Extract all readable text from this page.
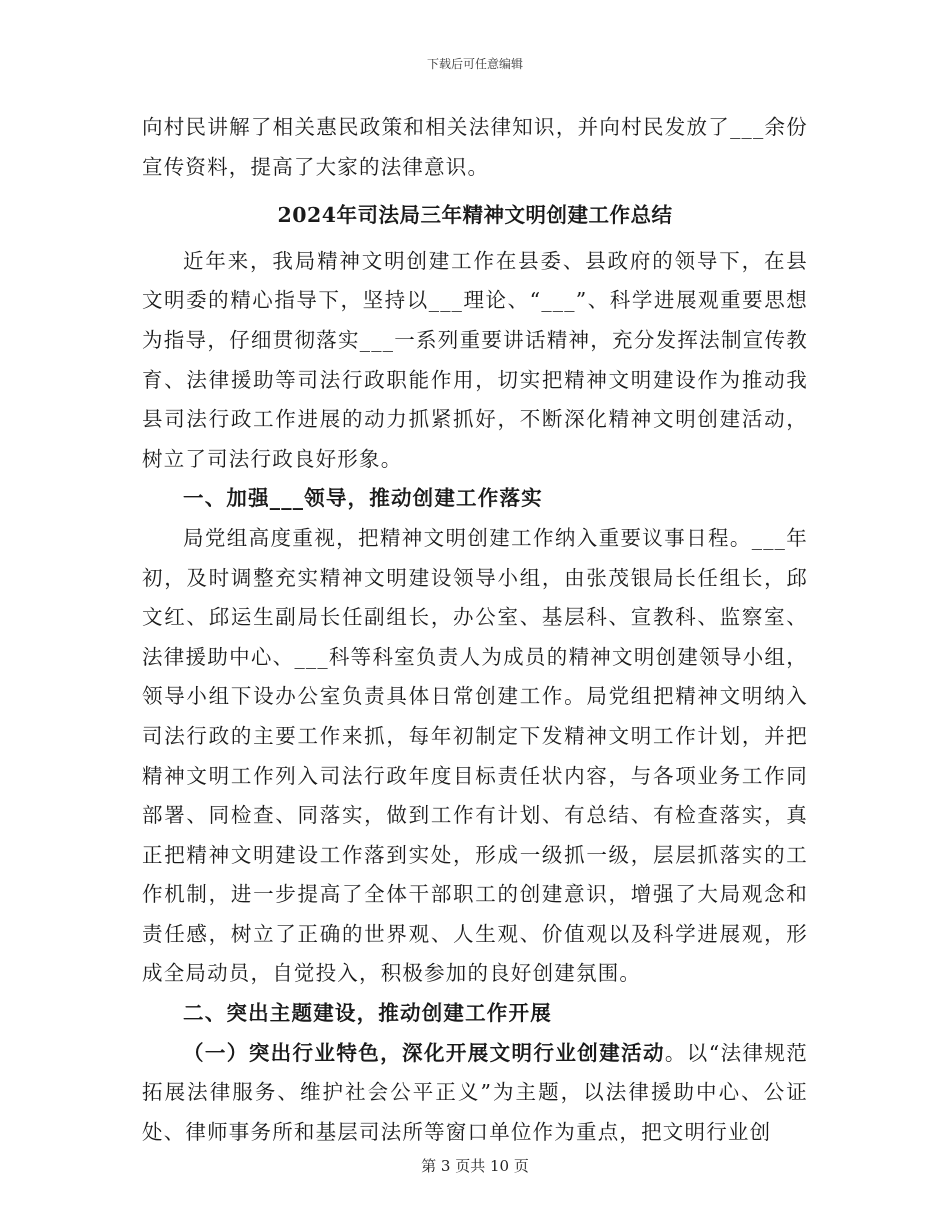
下载后可任意编辑

向村民讲解了相关惠民政策和相关法律知识，并向村民发放了___余份宣传资料，提高了大家的法律意识。

2024年司法局三年精神文明创建工作总结

近年来，我局精神文明创建工作在县委、县政府的领导下，在县文明委的精心指导下，坚持以___理论、“___”、科学进展观重要思想为指导，仔细贯彻落实___一系列重要讲话精神，充分发挥法制宣传教育、法律援助等司法行政职能作用，切实把精神文明建设作为推动我县司法行政工作进展的动力抓紧抓好，不断深化精神文明创建活动，树立了司法行政良好形象。

一、加强___领导，推动创建工作落实

局党组高度重视，把精神文明创建工作纳入重要议事日程。___年初，及时调整充实精神文明建设领导小组，由张茂银局长任组长，邱文红、邱运生副局长任副组长，办公室、基层科、宣教科、监察室、法律援助中心、___科等科室负责人为成员的精神文明创建领导小组，领导小组下设办公室负责具体日常创建工作。局党组把精神文明纳入司法行政的主要工作来抓，每年初制定下发精神文明工作计划，并把精神文明工作列入司法行政年度目标责任状内容，与各项业务工作同部署、同检查、同落实，做到工作有计划、有总结、有检查落实，真正把精神文明建设工作落到实处，形成一级抓一级，层层抓落实的工作机制，进一步提高了全体干部职工的创建意识，增强了大局观念和责任感，树立了正确的世界观、人生观、价值观以及科学进展观，形成全局动员，自觉投入，积极参加的良好创建氛围。

二、突出主题建设，推动创建工作开展

（一）突出行业特色，深化开展文明行业创建活动。以“法律规范拓展法律服务、维护社会公平正义”为主题，以法律援助中心、公证处、律师事务所和基层司法所等窗口单位作为重点，把文明行业创

第 3 页共 10 页
